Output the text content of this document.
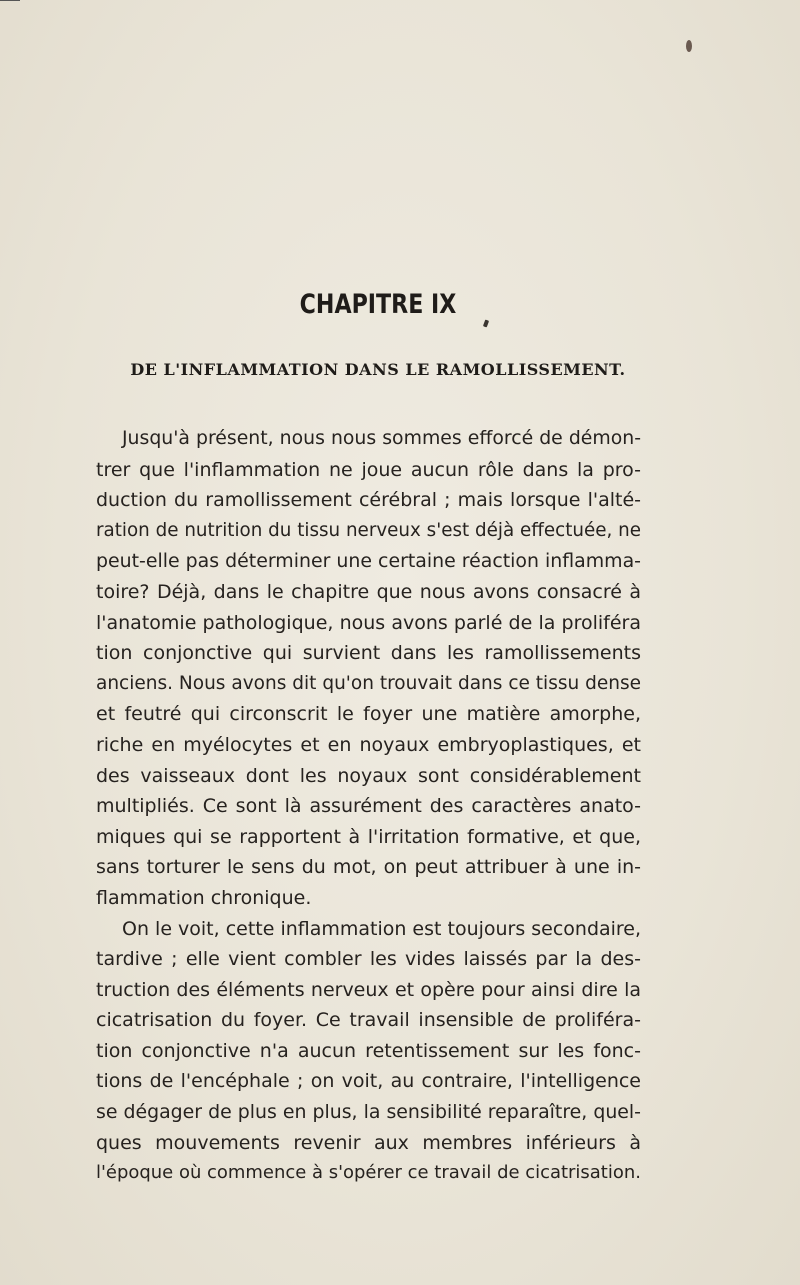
CHAPITRE IX
DE L'INFLAMMATION DANS LE RAMOLLISSEMENT.

Jusqu'à présent, nous nous sommes efforcé de démon-
trer que l'inflammation ne joue aucun rôle dans la pro-
duction du ramollissement cérébral ; mais lorsque l'alté-
ration de nutrition du tissu nerveux s'est déjà effectuée, ne
peut-elle pas déterminer une certaine réaction inflamma-
toire? Déjà, dans le chapitre que nous avons consacré à
l'anatomie pathologique, nous avons parlé de la proliféra
tion conjonctive qui survient dans les ramollissements
anciens. Nous avons dit qu'on trouvait dans ce tissu dense
et feutré qui circonscrit le foyer une matière amorphe,
riche en myélocytes et en noyaux embryoplastiques, et
des vaisseaux dont les noyaux sont considérablement
multipliés. Ce sont là assurément des caractères anato-
miques qui se rapportent à l'irritation formative, et que,
sans torturer le sens du mot, on peut attribuer à une in-
flammation chronique.

On le voit, cette inflammation est toujours secondaire,
tardive ; elle vient combler les vides laissés par la des-
truction des éléments nerveux et opère pour ainsi dire la
cicatrisation du foyer. Ce travail insensible de proliféra-
tion conjonctive n'a aucun retentissement sur les fonc-
tions de l'encéphale ; on voit, au contraire, l'intelligence
se dégager de plus en plus, la sensibilité reparaître, quel-
ques mouvements revenir aux membres inférieurs à
l'époque où commence à s'opérer ce travail de cicatrisation.
